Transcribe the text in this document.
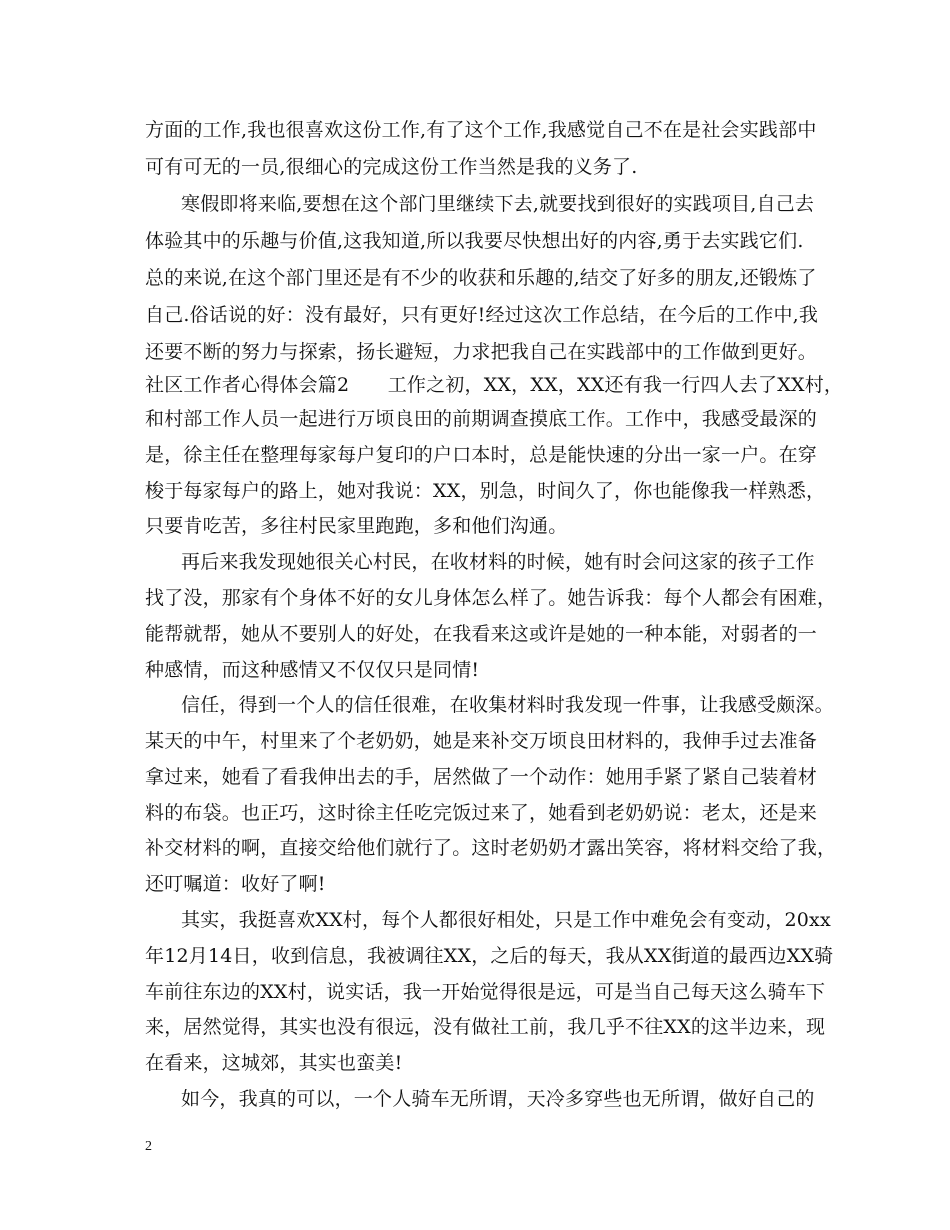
方面的工作,我也很喜欢这份工作,有了这个工作,我感觉自己不在是社会实践部中
可有可无的一员,很细心的完成这份工作当然是我的义务了.
寒假即将来临,要想在这个部门里继续下去,就要找到很好的实践项目,自己去
体验其中的乐趣与价值,这我知道,所以我要尽快想出好的内容,勇于去实践它们.
总的来说,在这个部门里还是有不少的收获和乐趣的,结交了好多的朋友,还锻炼了
自己.俗话说的好：没有最好，只有更好!经过这次工作总结，在今后的工作中,我
还要不断的努力与探索，扬长避短，力求把我自己在实践部中的工作做到更好。
社区工作者心得体会篇2　　工作之初，XX，XX，XX还有我一行四人去了XX村，
和村部工作人员一起进行万顷良田的前期调查摸底工作。工作中，我感受最深的
是，徐主任在整理每家每户复印的户口本时，总是能快速的分出一家一户。在穿
梭于每家每户的路上，她对我说：XX，别急，时间久了，你也能像我一样熟悉，
只要肯吃苦，多往村民家里跑跑，多和他们沟通。
再后来我发现她很关心村民，在收材料的时候，她有时会问这家的孩子工作
找了没，那家有个身体不好的女儿身体怎么样了。她告诉我：每个人都会有困难，
能帮就帮，她从不要别人的好处，在我看来这或许是她的一种本能，对弱者的一
种感情，而这种感情又不仅仅只是同情!
信任，得到一个人的信任很难，在收集材料时我发现一件事，让我感受颇深。
某天的中午，村里来了个老奶奶，她是来补交万顷良田材料的，我伸手过去准备
拿过来，她看了看我伸出去的手，居然做了一个动作：她用手紧了紧自己装着材
料的布袋。也正巧，这时徐主任吃完饭过来了，她看到老奶奶说：老太，还是来
补交材料的啊，直接交给他们就行了。这时老奶奶才露出笑容，将材料交给了我，
还叮嘱道：收好了啊!
其实，我挺喜欢XX村，每个人都很好相处，只是工作中难免会有变动，20xx
年12月14日，收到信息，我被调往XX，之后的每天，我从XX街道的最西边XX骑
车前往东边的XX村，说实话，我一开始觉得很是远，可是当自己每天这么骑车下
来，居然觉得，其实也没有很远，没有做社工前，我几乎不往XX的这半边来，现
在看来，这城郊，其实也蛮美!
如今，我真的可以，一个人骑车无所谓，天冷多穿些也无所谓，做好自己的
2
